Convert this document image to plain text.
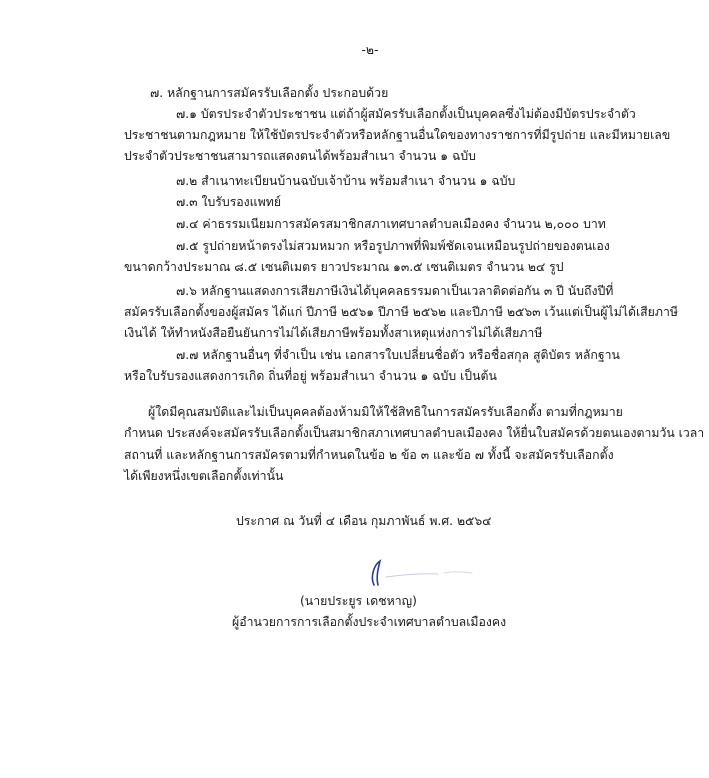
-๒-
๗. หลักฐานการสมัครรับเลือกตั้ง ประกอบด้วย
๗.๑ บัตรประจำตัวประชาชน แต่ถ้าผู้สมัครรับเลือกตั้งเป็นบุคคลซึ่งไม่ต้องมีบัตรประจำตัว
ประชาชนตามกฎหมาย ให้ใช้บัตรประจำตัวหรือหลักฐานอื่นใดของทางราชการที่มีรูปถ่าย และมีหมายเลข
ประจำตัวประชาชนสามารถแสดงตนได้พร้อมสำเนา จำนวน ๑ ฉบับ
๗.๒ สำเนาทะเบียนบ้านฉบับเจ้าบ้าน พร้อมสำเนา จำนวน ๑ ฉบับ
๗.๓ ใบรับรองแพทย์
๗.๔ ค่าธรรมเนียมการสมัครสมาชิกสภาเทศบาลตำบลเมืองคง จำนวน ๒,๐๐๐ บาท
๗.๕ รูปถ่ายหน้าตรงไม่สวมหมวก หรือรูปภาพที่พิมพ์ชัดเจนเหมือนรูปถ่ายของตนเอง
ขนาดกว้างประมาณ ๘.๕ เซนติเมตร ยาวประมาณ ๑๓.๕ เซนติเมตร จำนวน ๒๔ รูป
๗.๖ หลักฐานแสดงการเสียภาษีเงินได้บุคคลธรรมดาเป็นเวลาติดต่อกัน ๓ ปี นับถึงปีที่
สมัครรับเลือกตั้งของผู้สมัคร ได้แก่ ปีภาษี ๒๕๖๑ ปีภาษี ๒๕๖๒ และปีภาษี ๒๕๖๓ เว้นแต่เป็นผู้ไม่ได้เสียภาษี
เงินได้ ให้ทำหนังสือยืนยันการไม่ได้เสียภาษีพร้อมทั้งสาเหตุแห่งการไม่ได้เสียภาษี
๗.๗ หลักฐานอื่นๆ ที่จำเป็น เช่น เอกสารใบเปลี่ยนชื่อตัว หรือชื่อสกุล สูติบัตร หลักฐาน
หรือใบรับรองแสดงการเกิด ถิ่นที่อยู่ พร้อมสำเนา จำนวน ๑ ฉบับ เป็นต้น
ผู้ใดมีคุณสมบัติและไม่เป็นบุคคลต้องห้ามมิให้ใช้สิทธิในการสมัครรับเลือกตั้ง ตามที่กฎหมาย
กำหนด ประสงค์จะสมัครรับเลือกตั้งเป็นสมาชิกสภาเทศบาลตำบลเมืองคง ให้ยื่นใบสมัครด้วยตนเองตามวัน เวลา
สถานที่ และหลักฐานการสมัครตามที่กำหนดในข้อ ๒ ข้อ ๓ และข้อ ๗ ทั้งนี้ จะสมัครรับเลือกตั้ง
ได้เพียงหนึ่งเขตเลือกตั้งเท่านั้น
ประกาศ ณ วันที่ ๔ เดือน กุมภาพันธ์ พ.ศ. ๒๕๖๔
(นายประยูร เดชหาญ)
ผู้อำนวยการการเลือกตั้งประจำเทศบาลตำบลเมืองคง
